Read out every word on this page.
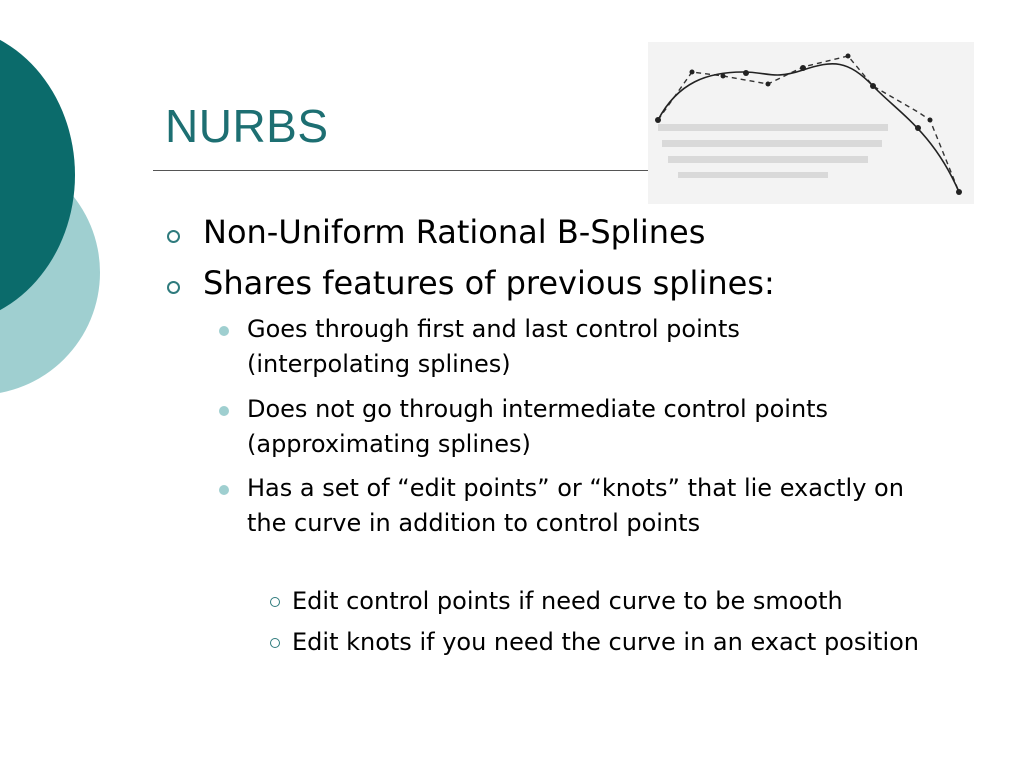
NURBS
Non-Uniform Rational B-Splines
Shares features of previous splines:
Goes through first and last control points (interpolating splines)
Does not go through intermediate control points (approximating splines)
Has a set of “edit points” or “knots” that lie exactly on the curve in addition to control points
Edit control points if need curve to be smooth
Edit knots if you need the curve in an exact position
